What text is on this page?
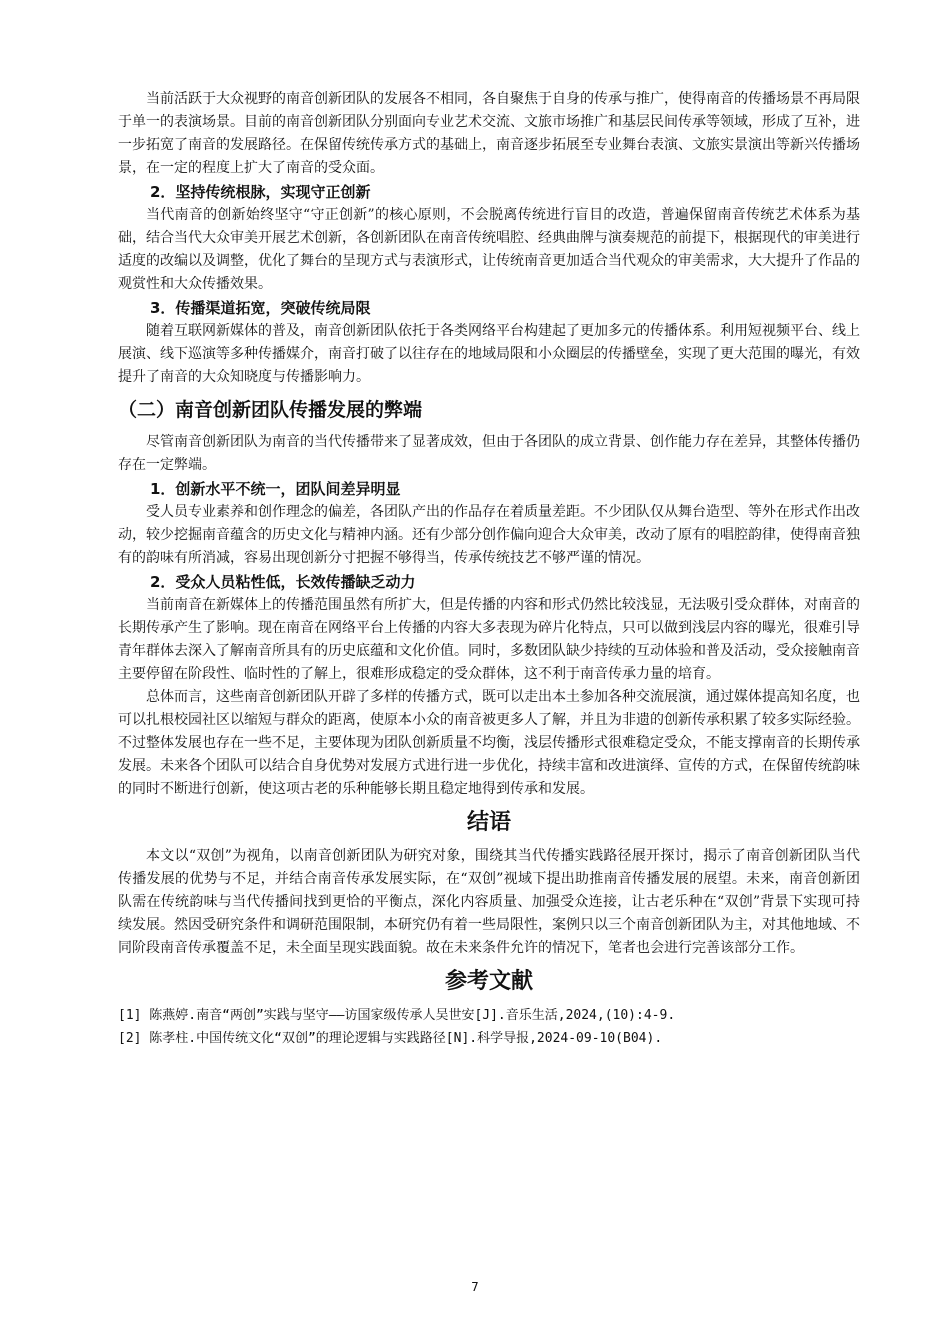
当前活跃于大众视野的南音创新团队的发展各不相同，各自聚焦于自身的传承与推广，使得南音的传播场景不再局限于单一的表演场景。目前的南音创新团队分别面向专业艺术交流、文旅市场推广和基层民间传承等领域，形成了互补，进一步拓宽了南音的发展路径。在保留传统传承方式的基础上，南音逐步拓展至专业舞台表演、文旅实景演出等新兴传播场景，在一定的程度上扩大了南音的受众面。

2．坚持传统根脉，实现守正创新

当代南音的创新始终坚守“守正创新”的核心原则，不会脱离传统进行盲目的改造，普遍保留南音传统艺术体系为基础，结合当代大众审美开展艺术创新，各创新团队在南音传统唱腔、经典曲牌与演奏规范的前提下，根据现代的审美进行适度的改编以及调整，优化了舞台的呈现方式与表演形式，让传统南音更加适合当代观众的审美需求，大大提升了作品的观赏性和大众传播效果。

3．传播渠道拓宽，突破传统局限

随着互联网新媒体的普及，南音创新团队依托于各类网络平台构建起了更加多元的传播体系。利用短视频平台、线上展演、线下巡演等多种传播媒介，南音打破了以往存在的地域局限和小众圈层的传播壁垒，实现了更大范围的曝光，有效提升了南音的大众知晓度与传播影响力。

（二）南音创新团队传播发展的弊端

尽管南音创新团队为南音的当代传播带来了显著成效，但由于各团队的成立背景、创作能力存在差异，其整体传播仍存在一定弊端。

1．创新水平不统一，团队间差异明显

受人员专业素养和创作理念的偏差，各团队产出的作品存在着质量差距。不少团队仅从舞台造型、等外在形式作出改动，较少挖掘南音蕴含的历史文化与精神内涵。还有少部分创作偏向迎合大众审美，改动了原有的唱腔韵律，使得南音独有的韵味有所消减，容易出现创新分寸把握不够得当，传承传统技艺不够严谨的情况。

2．受众人员粘性低，长效传播缺乏动力

当前南音在新媒体上的传播范围虽然有所扩大，但是传播的内容和形式仍然比较浅显，无法吸引受众群体，对南音的长期传承产生了影响。现在南音在网络平台上传播的内容大多表现为碎片化特点，只可以做到浅层内容的曝光，很难引导青年群体去深入了解南音所具有的历史底蕴和文化价值。同时，多数团队缺少持续的互动体验和普及活动，受众接触南音主要停留在阶段性、临时性的了解上，很难形成稳定的受众群体，这不利于南音传承力量的培育。

总体而言，这些南音创新团队开辟了多样的传播方式，既可以走出本土参加各种交流展演，通过媒体提高知名度，也可以扎根校园社区以缩短与群众的距离，使原本小众的南音被更多人了解，并且为非遗的创新传承积累了较多实际经验。不过整体发展也存在一些不足，主要体现为团队创新质量不均衡，浅层传播形式很难稳定受众，不能支撑南音的长期传承发展。未来各个团队可以结合自身优势对发展方式进行进一步优化，持续丰富和改进演绎、宣传的方式，在保留传统韵味的同时不断进行创新，使这项古老的乐种能够长期且稳定地得到传承和发展。

结语

本文以“双创”为视角，以南音创新团队为研究对象，围绕其当代传播实践路径展开探讨，揭示了南音创新团队当代传播发展的优势与不足，并结合南音传承发展实际，在“双创”视域下提出助推南音传播发展的展望。未来，南音创新团队需在传统韵味与当代传播间找到更恰的平衡点，深化内容质量、加强受众连接，让古老乐种在“双创”背景下实现可持续发展。然因受研究条件和调研范围限制，本研究仍有着一些局限性，案例只以三个南音创新团队为主，对其他地域、不同阶段南音传承覆盖不足，未全面呈现实践面貌。故在未来条件允许的情况下，笔者也会进行完善该部分工作。

参考文献

[1] 陈燕婷.南音“两创”实践与坚守——访国家级传承人吴世安[J].音乐生活,2024,(10):4-9.

[2] 陈孝柱.中国传统文化“双创”的理论逻辑与实践路径[N].科学导报,2024-09-10(B04).

7
